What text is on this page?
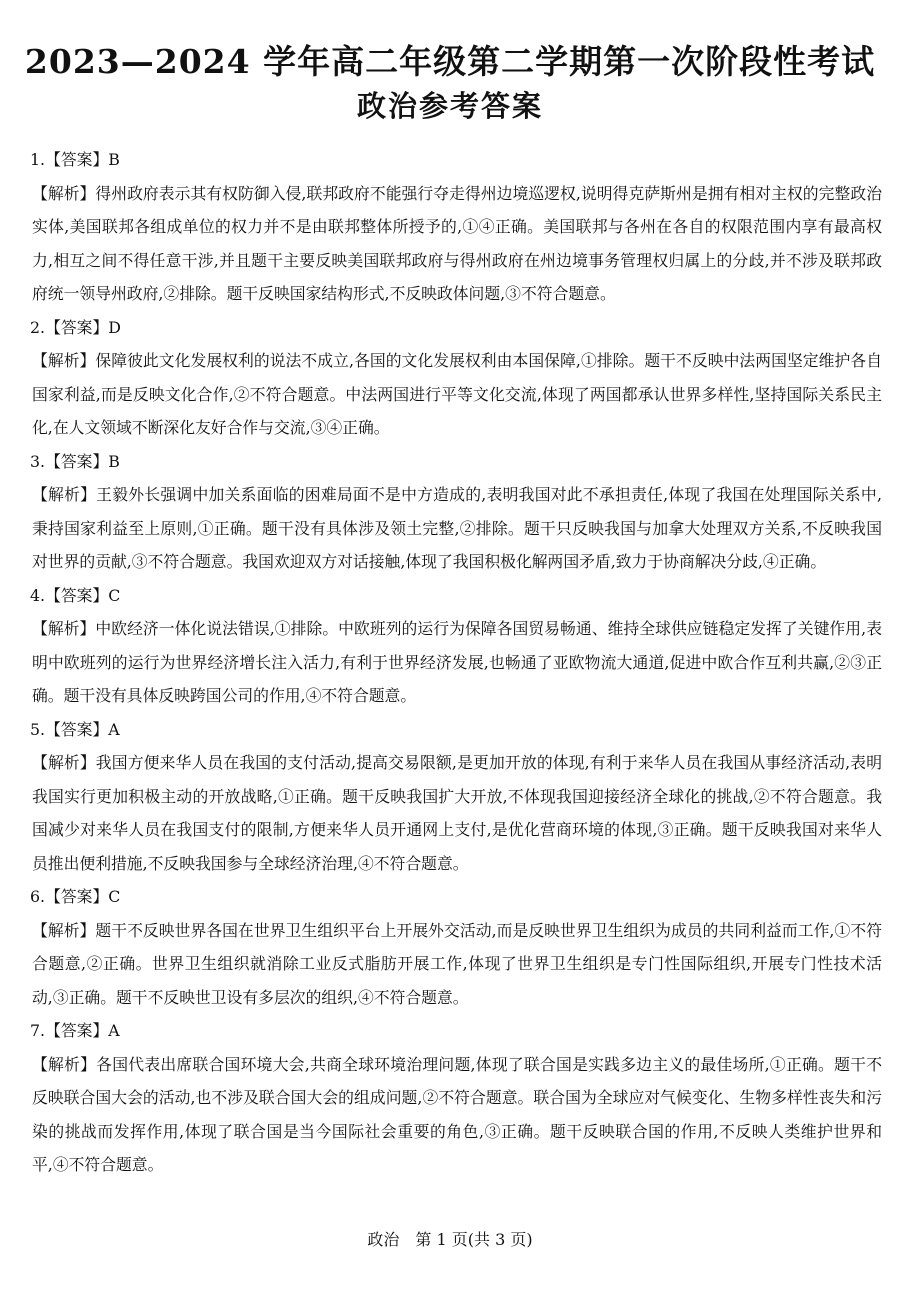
2023—2024 学年高二年级第二学期第一次阶段性考试
政治参考答案
1.【答案】B

【解析】得州政府表示其有权防御入侵,联邦政府不能强行夺走得州边境巡逻权,说明得克萨斯州是拥有相对主权的完整政治实体,美国联邦各组成单位的权力并不是由联邦整体所授予的,①④正确。美国联邦与各州在各自的权限范围内享有最高权力,相互之间不得任意干涉,并且题干主要反映美国联邦政府与得州政府在州边境事务管理权归属上的分歧,并不涉及联邦政府统一领导州政府,②排除。题干反映国家结构形式,不反映政体问题,③不符合题意。

2.【答案】D

【解析】保障彼此文化发展权利的说法不成立,各国的文化发展权利由本国保障,①排除。题干不反映中法两国坚定维护各自国家利益,而是反映文化合作,②不符合题意。中法两国进行平等文化交流,体现了两国都承认世界多样性,坚持国际关系民主化,在人文领域不断深化友好合作与交流,③④正确。

3.【答案】B

【解析】王毅外长强调中加关系面临的困难局面不是中方造成的,表明我国对此不承担责任,体现了我国在处理国际关系中,秉持国家利益至上原则,①正确。题干没有具体涉及领土完整,②排除。题干只反映我国与加拿大处理双方关系,不反映我国对世界的贡献,③不符合题意。我国欢迎双方对话接触,体现了我国积极化解两国矛盾,致力于协商解决分歧,④正确。

4.【答案】C

【解析】中欧经济一体化说法错误,①排除。中欧班列的运行为保障各国贸易畅通、维持全球供应链稳定发挥了关键作用,表明中欧班列的运行为世界经济增长注入活力,有利于世界经济发展,也畅通了亚欧物流大通道,促进中欧合作互利共赢,②③正确。题干没有具体反映跨国公司的作用,④不符合题意。

5.【答案】A

【解析】我国方便来华人员在我国的支付活动,提高交易限额,是更加开放的体现,有利于来华人员在我国从事经济活动,表明我国实行更加积极主动的开放战略,①正确。题干反映我国扩大开放,不体现我国迎接经济全球化的挑战,②不符合题意。我国减少对来华人员在我国支付的限制,方便来华人员开通网上支付,是优化营商环境的体现,③正确。题干反映我国对来华人员推出便利措施,不反映我国参与全球经济治理,④不符合题意。

6.【答案】C

【解析】题干不反映世界各国在世界卫生组织平台上开展外交活动,而是反映世界卫生组织为成员的共同利益而工作,①不符合题意,②正确。世界卫生组织就消除工业反式脂肪开展工作,体现了世界卫生组织是专门性国际组织,开展专门性技术活动,③正确。题干不反映世卫设有多层次的组织,④不符合题意。

7.【答案】A

【解析】各国代表出席联合国环境大会,共商全球环境治理问题,体现了联合国是实践多边主义的最佳场所,①正确。题干不反映联合国大会的活动,也不涉及联合国大会的组成问题,②不符合题意。联合国为全球应对气候变化、生物多样性丧失和污染的挑战而发挥作用,体现了联合国是当今国际社会重要的角色,③正确。题干反映联合国的作用,不反映人类维护世界和平,④不符合题意。

政治　第 1 页(共 3 页)
